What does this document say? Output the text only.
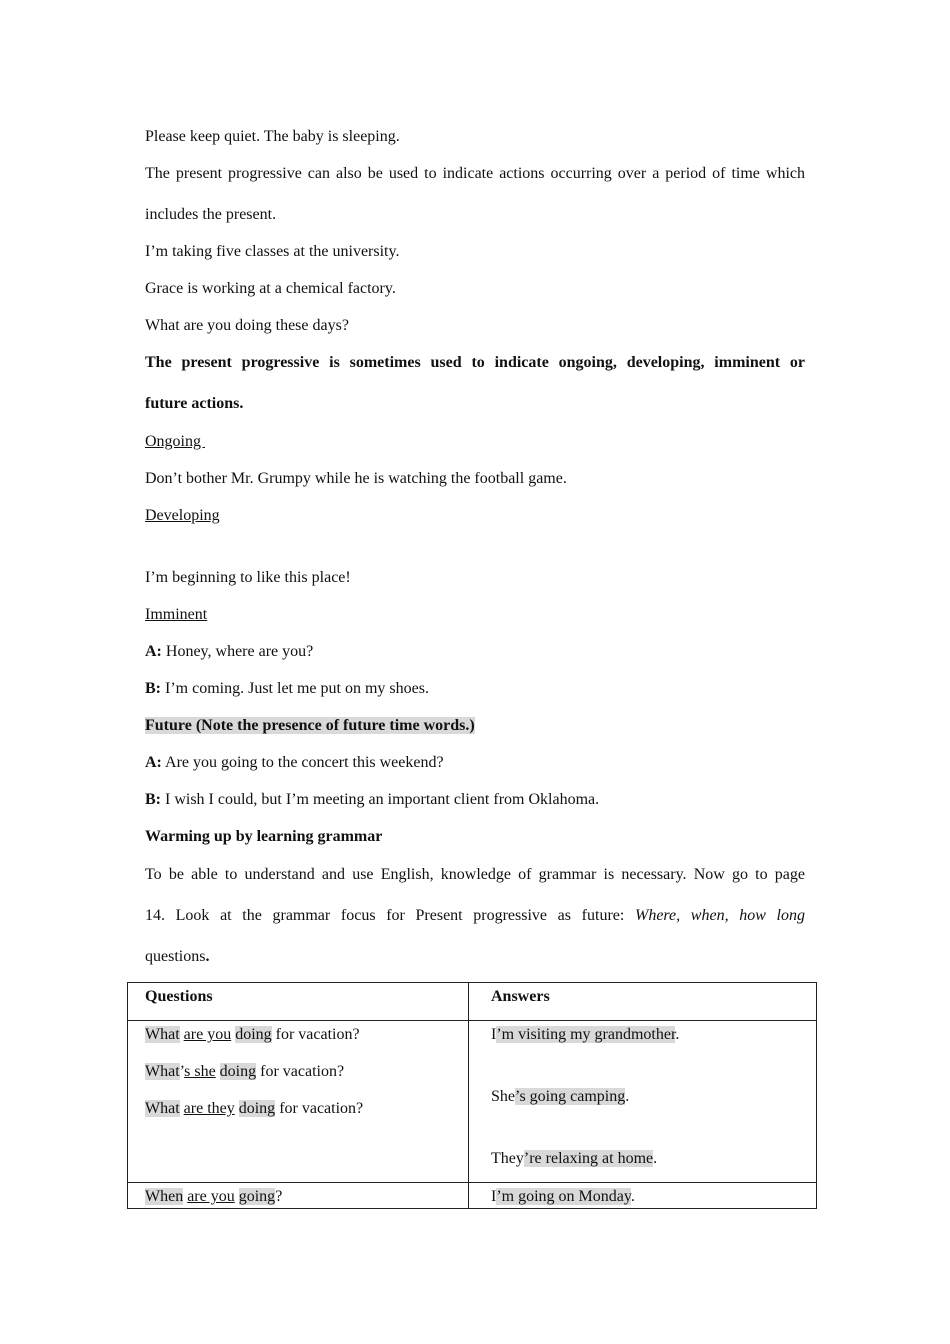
Please keep quiet. The baby is sleeping.
The present progressive can also be used to indicate actions occurring over a period of time which
includes the present.
I’m taking five classes at the university.
Grace is working at a chemical factory.
What are you doing these days?
The present progressive is sometimes used to indicate ongoing, developing, imminent or
future actions.
Ongoing
Don’t bother Mr. Grumpy while he is watching the football game.
Developing
I’m beginning to like this place!
Imminent
A: Honey, where are you?
B: I’m coming. Just let me put on my shoes.
Future (Note the presence of future time words.)
A: Are you going to the concert this weekend?
B: I wish I could, but I’m meeting an important client from Oklahoma.
Warming up by learning grammar
To be able to understand and use English, knowledge of grammar is necessary. Now go to page
14. Look at the grammar focus for Present progressive as future: Where, when, how long
questions.
Questions	Answers
What are you doing for vacation?
What’s she doing for vacation?
What are they doing for vacation?
I’m visiting my grandmother.
She’s going camping.
They’re relaxing at home.
When are you going?	I’m going on Monday.
